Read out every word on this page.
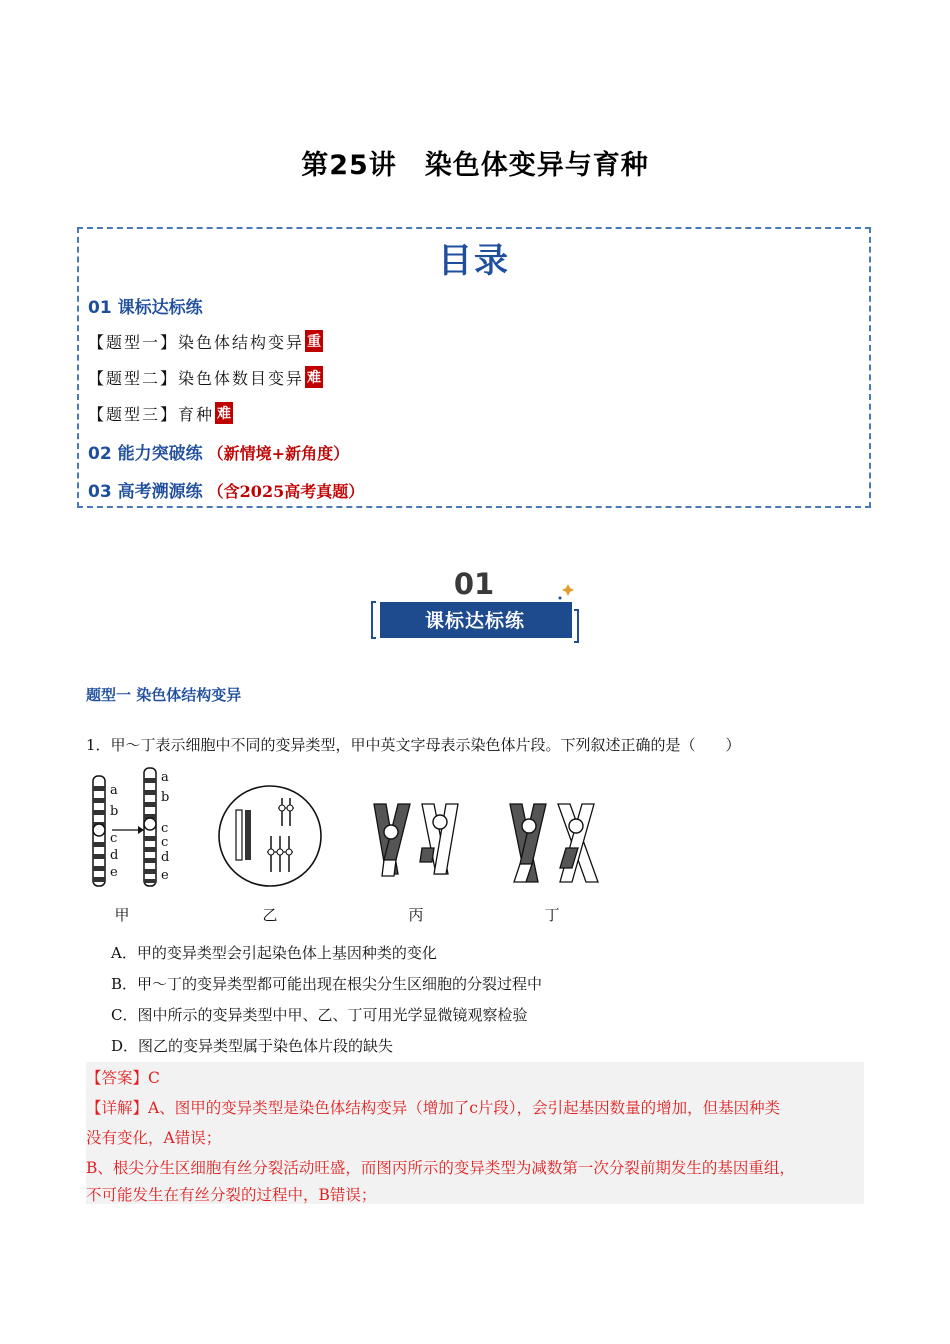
第25讲　染色体变异与育种
目录
01 课标达标练
【题型一】染色体结构变异 重
【题型二】染色体数目变异 难
【题型三】育种 难
02 能力突破练 （新情境+新角度）
03 高考溯源练 （含2025高考真题）
01
课标达标练
题型一 染色体结构变异
1．甲～丁表示细胞中不同的变异类型，甲中英文字母表示染色体片段。下列叙述正确的是（　　）
a
b
c
d
e
a
b
c
c
d
e
甲	乙	丙	丁
A．甲的变异类型会引起染色体上基因种类的变化
B．甲～丁的变异类型都可能出现在根尖分生区细胞的分裂过程中
C．图中所示的变异类型中甲、乙、丁可用光学显微镜观察检验
D．图乙的变异类型属于染色体片段的缺失
【答案】C
【详解】A、图甲的变异类型是染色体结构变异（增加了c片段），会引起基因数量的增加，但基因种类
没有变化，A错误；
B、根尖分生区细胞有丝分裂活动旺盛，而图丙所示的变异类型为减数第一次分裂前期发生的基因重组，
不可能发生在有丝分裂的过程中，B错误；
